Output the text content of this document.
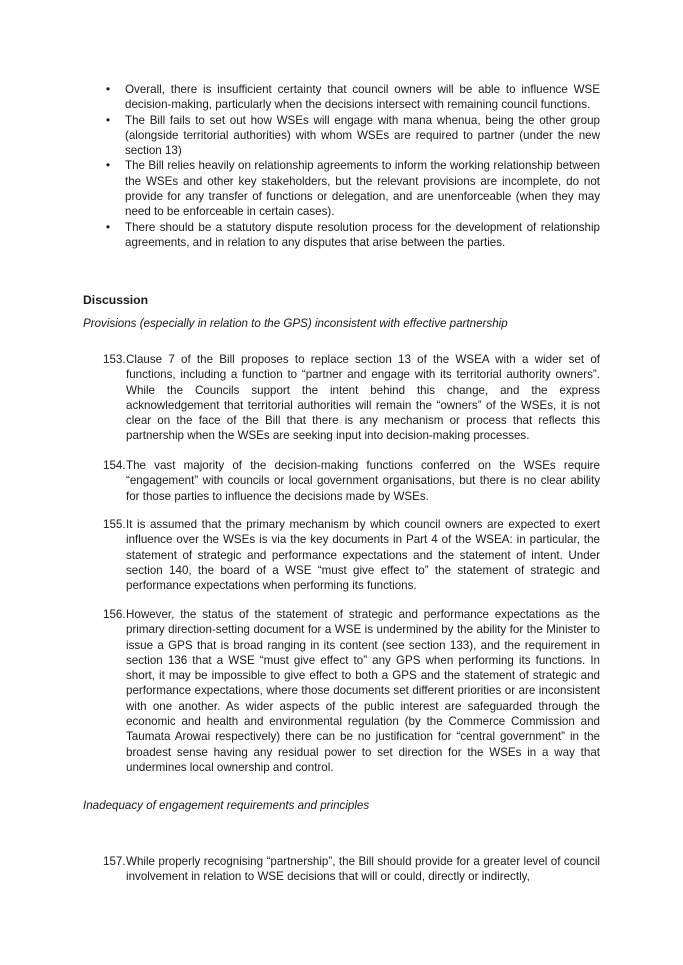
• Overall, there is insufficient certainty that council owners will be able to influence WSE decision-making, particularly when the decisions intersect with remaining council functions.
• The Bill fails to set out how WSEs will engage with mana whenua, being the other group (alongside territorial authorities) with whom WSEs are required to partner (under the new section 13)
• The Bill relies heavily on relationship agreements to inform the working relationship between the WSEs and other key stakeholders, but the relevant provisions are incomplete, do not provide for any transfer of functions or delegation, and are unenforceable (when they may need to be enforceable in certain cases).
• There should be a statutory dispute resolution process for the development of relationship agreements, and in relation to any disputes that arise between the parties.
Discussion
Provisions (especially in relation to the GPS) inconsistent with effective partnership
153. Clause 7 of the Bill proposes to replace section 13 of the WSEA with a wider set of functions, including a function to “partner and engage with its territorial authority owners”. While the Councils support the intent behind this change, and the express acknowledgement that territorial authorities will remain the “owners” of the WSEs, it is not clear on the face of the Bill that there is any mechanism or process that reflects this partnership when the WSEs are seeking input into decision-making processes.
154. The vast majority of the decision-making functions conferred on the WSEs require “engagement” with councils or local government organisations, but there is no clear ability for those parties to influence the decisions made by WSEs.
155. It is assumed that the primary mechanism by which council owners are expected to exert influence over the WSEs is via the key documents in Part 4 of the WSEA: in particular, the statement of strategic and performance expectations and the statement of intent. Under section 140, the board of a WSE “must give effect to” the statement of strategic and performance expectations when performing its functions.
156. However, the status of the statement of strategic and performance expectations as the primary direction-setting document for a WSE is undermined by the ability for the Minister to issue a GPS that is broad ranging in its content (see section 133), and the requirement in section 136 that a WSE “must give effect to” any GPS when performing its functions. In short, it may be impossible to give effect to both a GPS and the statement of strategic and performance expectations, where those documents set different priorities or are inconsistent with one another. As wider aspects of the public interest are safeguarded through the economic and health and environmental regulation (by the Commerce Commission and Taumata Arowai respectively) there can be no justification for “central government” in the broadest sense having any residual power to set direction for the WSEs in a way that undermines local ownership and control.
Inadequacy of engagement requirements and principles
157. While properly recognising “partnership”, the Bill should provide for a greater level of council involvement in relation to WSE decisions that will or could, directly or indirectly,
